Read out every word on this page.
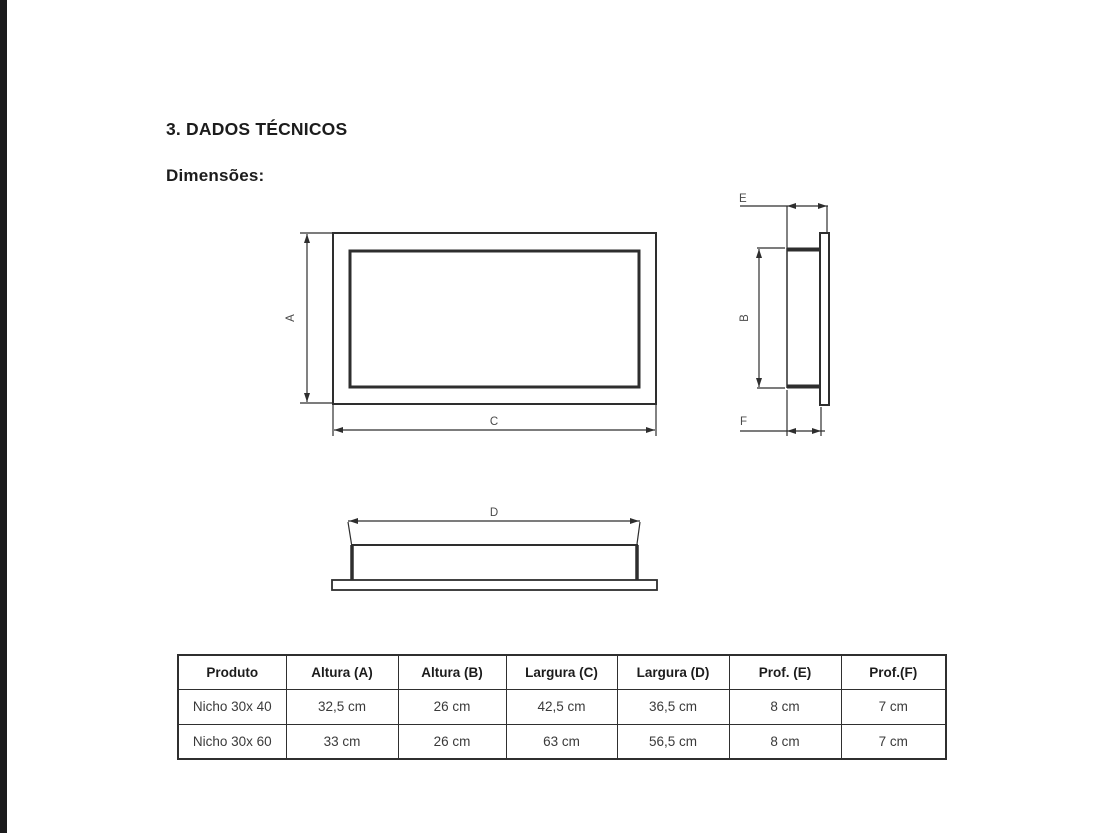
3. DADOS TÉCNICOS
Dimensões:
A
C
E
B
F
D
Produto	Altura (A)	Altura (B)	Largura (C)	Largura (D)	Prof. (E)	Prof.(F)
Nicho 30x 40	32,5 cm	26 cm	42,5 cm	36,5 cm	8 cm	7 cm
Nicho 30x 60	33 cm	26 cm	63 cm	56,5 cm	8 cm	7 cm
